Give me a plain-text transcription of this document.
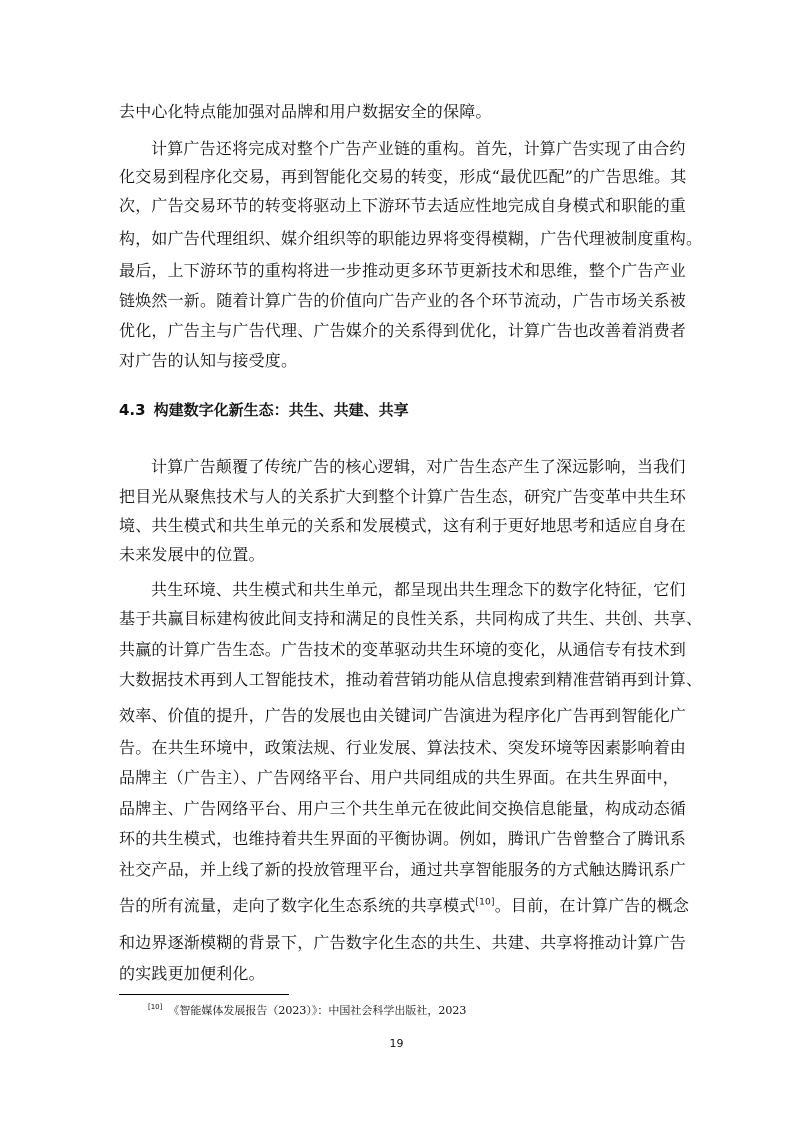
去中心化特点能加强对品牌和用户数据安全的保障。
计算广告还将完成对整个广告产业链的重构。首先，计算广告实现了由合约
化交易到程序化交易，再到智能化交易的转变，形成“最优匹配”的广告思维。其
次，广告交易环节的转变将驱动上下游环节去适应性地完成自身模式和职能的重
构，如广告代理组织、媒介组织等的职能边界将变得模糊，广告代理被制度重构。
最后，上下游环节的重构将进一步推动更多环节更新技术和思维，整个广告产业
链焕然一新。随着计算广告的价值向广告产业的各个环节流动，广告市场关系被
优化，广告主与广告代理、广告媒介的关系得到优化，计算广告也改善着消费者
对广告的认知与接受度。
4.3 构建数字化新生态：共生、共建、共享
计算广告颠覆了传统广告的核心逻辑，对广告生态产生了深远影响，当我们
把目光从聚焦技术与人的关系扩大到整个计算广告生态，研究广告变革中共生环
境、共生模式和共生单元的关系和发展模式，这有利于更好地思考和适应自身在
未来发展中的位置。
共生环境、共生模式和共生单元，都呈现出共生理念下的数字化特征，它们
基于共赢目标建构彼此间支持和满足的良性关系，共同构成了共生、共创、共享、
共赢的计算广告生态。广告技术的变革驱动共生环境的变化，从通信专有技术到
大数据技术再到人工智能技术，推动着营销功能从信息搜索到精准营销再到计算、
效率、价值的提升，广告的发展也由关键词广告演进为程序化广告再到智能化广
告。在共生环境中，政策法规、行业发展、算法技术、突发环境等因素影响着由
品牌主（广告主）、广告网络平台、用户共同组成的共生界面。在共生界面中，
品牌主、广告网络平台、用户三个共生单元在彼此间交换信息能量，构成动态循
环的共生模式，也维持着共生界面的平衡协调。例如，腾讯广告曾整合了腾讯系
社交产品，并上线了新的投放管理平台，通过共享智能服务的方式触达腾讯系广
告的所有流量，走向了数字化生态系统的共享模式[10]。目前，在计算广告的概念
和边界逐渐模糊的背景下，广告数字化生态的共生、共建、共享将推动计算广告
的实践更加便利化。
[10] 《智能媒体发展报告（2023）》：中国社会科学出版社，2023
19
